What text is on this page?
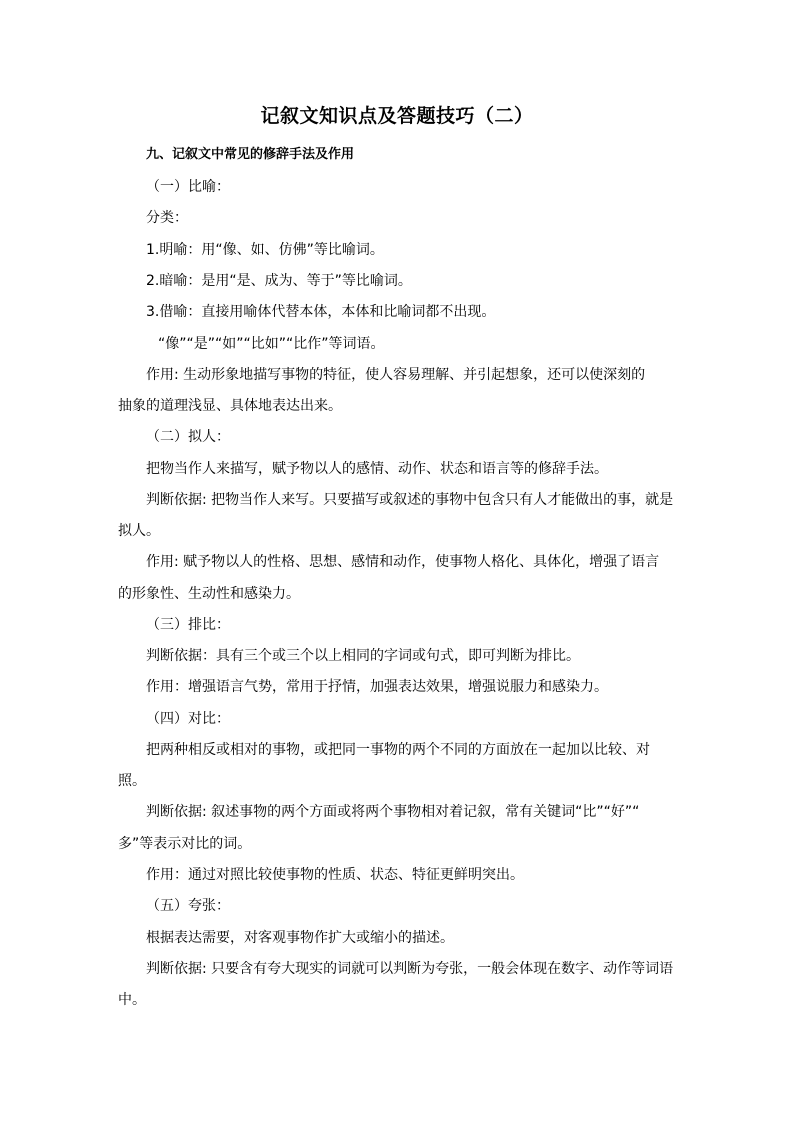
记叙文知识点及答题技巧（二）
九、记叙文中常见的修辞手法及作用
（一）比喻：
分类：
1.明喻：用“像、如、仿佛”等比喻词。
2.暗喻：是用“是、成为、等于”等比喻词。
3.借喻：直接用喻体代替本体，本体和比喻词都不出现。
“像”“是”“如”“比如”“比作”等词语。
作用: 生动形象地描写事物的特征，使人容易理解、并引起想象，还可以使深刻的
抽象的道理浅显、具体地表达出来。
（二）拟人：
把物当作人来描写，赋予物以人的感情、动作、状态和语言等的修辞手法。
判断依据: 把物当作人来写。只要描写或叙述的事物中包含只有人才能做出的事，就是
拟人。
作用: 赋予物以人的性格、思想、感情和动作，使事物人格化、具体化，增强了语言
的形象性、生动性和感染力。
（三）排比：
判断依据：具有三个或三个以上相同的字词或句式，即可判断为排比。
作用：增强语言气势，常用于抒情，加强表达效果，增强说服力和感染力。
（四）对比：
把两种相反或相对的事物，或把同一事物的两个不同的方面放在一起加以比较、对
照。
判断依据: 叙述事物的两个方面或将两个事物相对着记叙，常有关键词“比”“好”“
多”等表示对比的词。
作用：通过对照比较使事物的性质、状态、特征更鲜明突出。
（五）夸张：
根据表达需要，对客观事物作扩大或缩小的描述。
判断依据: 只要含有夸大现实的词就可以判断为夸张，一般会体现在数字、动作等词语
中。
